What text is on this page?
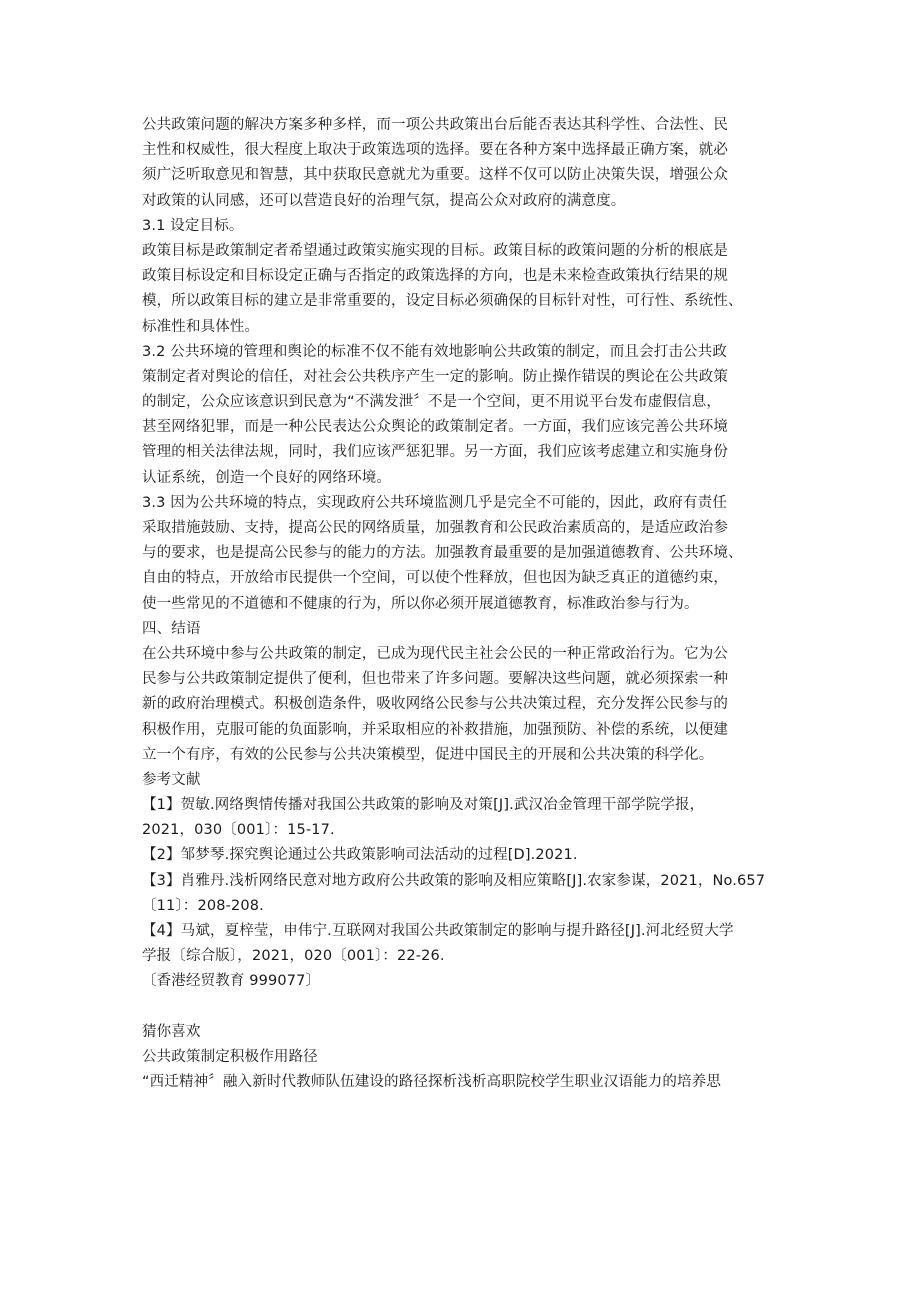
公共政策问题的解决方案多种多样，而一项公共政策出台后能否表达其科学性、合法性、民
主性和权威性，很大程度上取决于政策选项的选择。要在各种方案中选择最正确方案，就必
须广泛听取意见和智慧，其中获取民意就尤为重要。这样不仅可以防止决策失误，增强公众
对政策的认同感，还可以营造良好的治理气氛，提高公众对政府的满意度。
3.1 设定目标。
政策目标是政策制定者希望通过政策实施实现的目标。政策目标的政策问题的分析的根底是
政策目标设定和目标设定正确与否指定的政策选择的方向，也是未来检查政策执行结果的规
模，所以政策目标的建立是非常重要的，设定目标必须确保的目标针对性，可行性、系统性、
标准性和具体性。
3.2 公共环境的管理和舆论的标准不仅不能有效地影响公共政策的制定，而且会打击公共政
策制定者对舆论的信任，对社会公共秩序产生一定的影响。防止操作错误的舆论在公共政策
的制定，公众应该意识到民意为“不满发泄〞不是一个空间，更不用说平台发布虚假信息，
甚至网络犯罪，而是一种公民表达公众舆论的政策制定者。一方面，我们应该完善公共环境
管理的相关法律法规，同时，我们应该严惩犯罪。另一方面，我们应该考虑建立和实施身份
认证系统，创造一个良好的网络环境。
3.3 因为公共环境的特点，实现政府公共环境监测几乎是完全不可能的，因此，政府有责任
采取措施鼓励、支持，提高公民的网络质量，加强教育和公民政治素质高的，是适应政治参
与的要求，也是提高公民参与的能力的方法。加强教育最重要的是加强道德教育、公共环境、
自由的特点，开放给市民提供一个空间，可以使个性释放，但也因为缺乏真正的道德约束，
使一些常见的不道德和不健康的行为，所以你必须开展道德教育，标准政治参与行为。
四、结语
在公共环境中参与公共政策的制定，已成为现代民主社会公民的一种正常政治行为。它为公
民参与公共政策制定提供了便利，但也带来了许多问题。要解决这些问题，就必须探索一种
新的政府治理模式。积极创造条件，吸收网络公民参与公共决策过程，充分发挥公民参与的
积极作用，克服可能的负面影响，并采取相应的补救措施，加强预防、补偿的系统，以便建
立一个有序，有效的公民参与公共决策模型，促进中国民主的开展和公共决策的科学化。
参考文献
【1】贺敏.网络舆情传播对我国公共政策的影响及对策[J].武汉冶金管理干部学院学报，
2021，030〔001〕：15-17.
【2】邹梦琴.探究舆论通过公共政策影响司法活动的过程[D].2021.
【3】肖雅丹.浅析网络民意对地方政府公共政策的影响及相应策略[J].农家参谋，2021，No.657
〔11〕：208-208.
【4】马斌，夏梓莹，申伟宁.互联网对我国公共政策制定的影响与提升路径[J].河北经贸大学
学报〔综合版〕，2021，020〔001〕：22-26.
〔香港经贸教育 999077〕
猜你喜欢
公共政策制定积极作用路径
“西迁精神〞融入新时代教师队伍建设的路径探析浅析高职院校学生职业汉语能力的培养思
